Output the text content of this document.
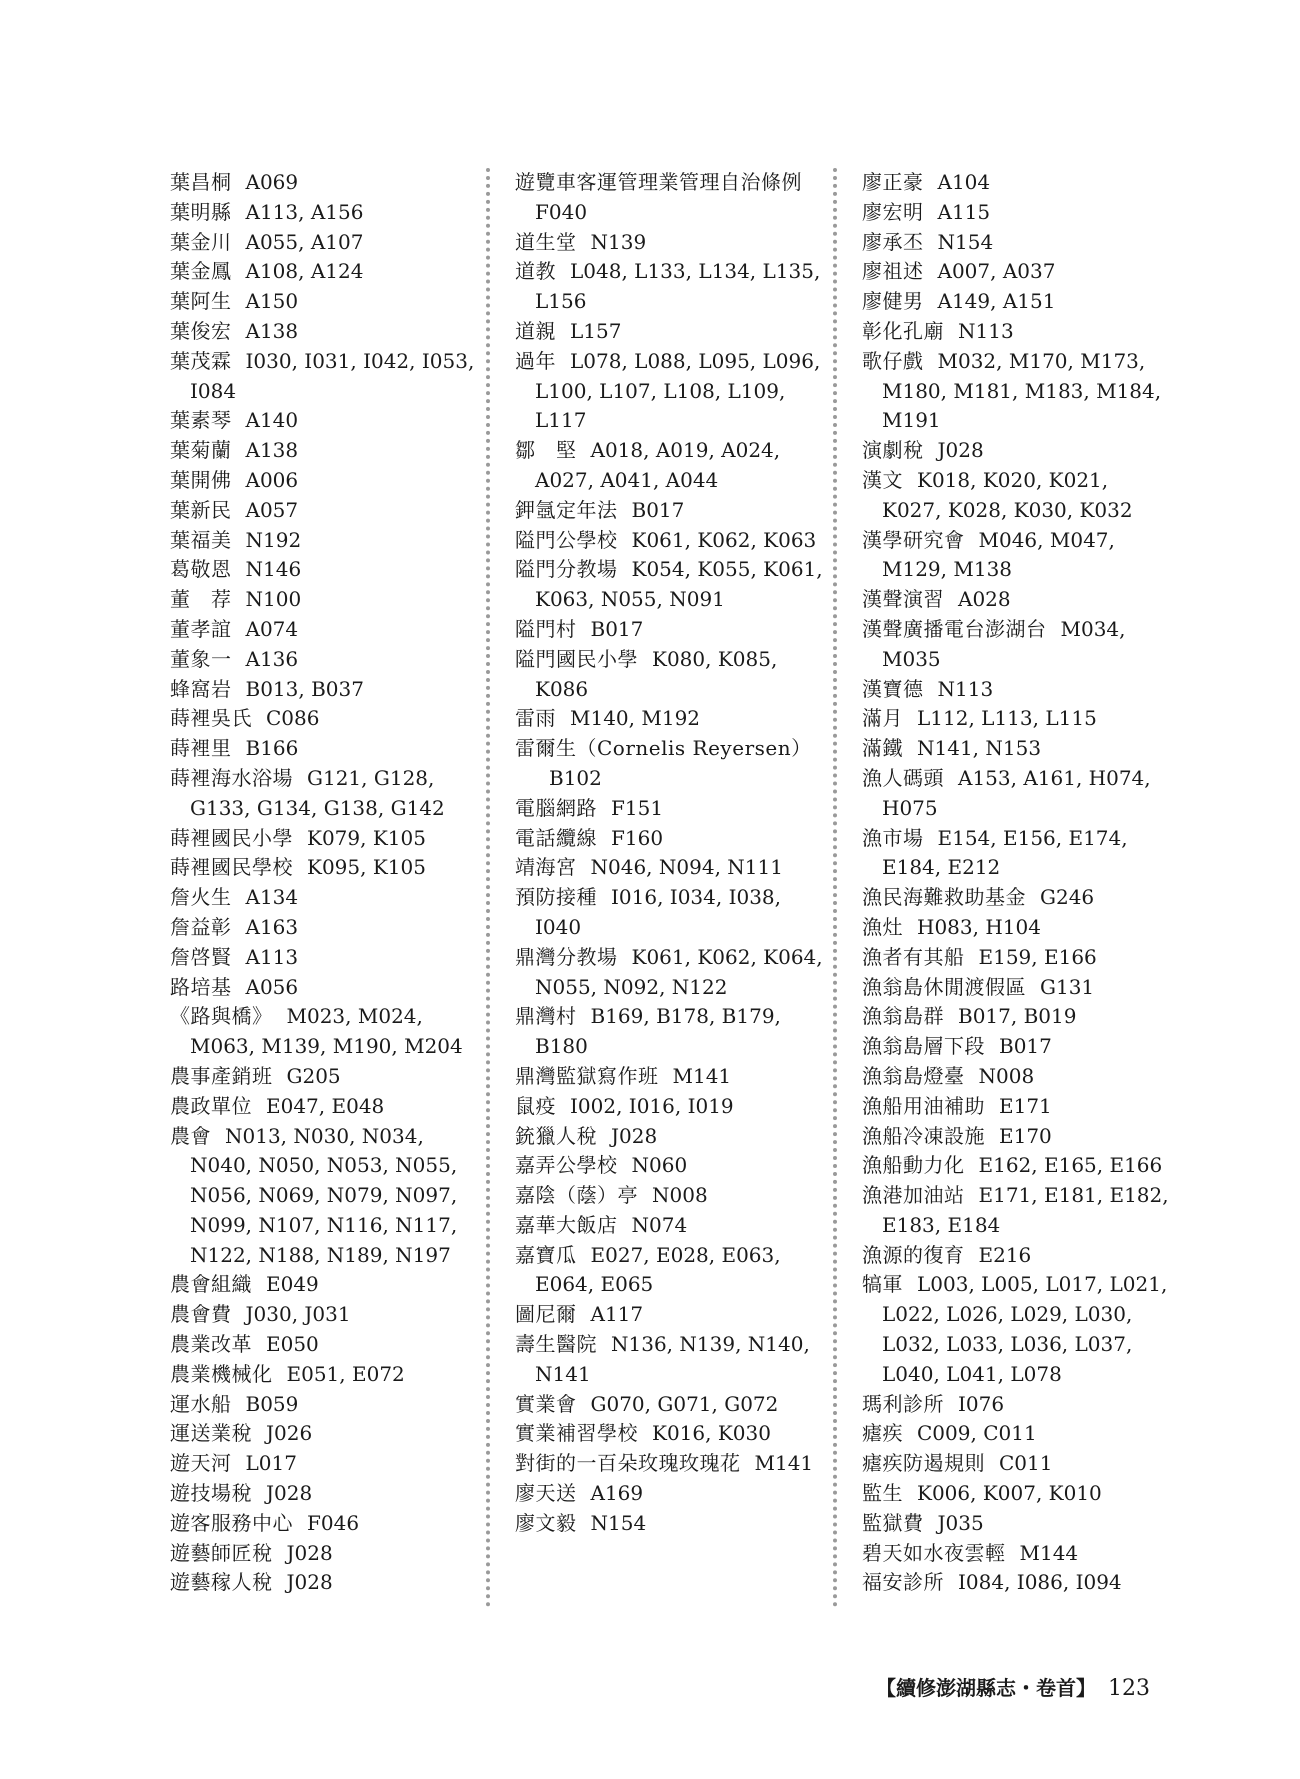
葉昌桐 A069
葉明縣 A113, A156
葉金川 A055, A107
葉金鳳 A108, A124
葉阿生 A150
葉俊宏 A138
葉茂霖 I030, I031, I042, I053, I084
葉素琴 A140
葉菊蘭 A138
葉開佛 A006
葉新民 A057
葉福美 N192
葛敬恩 N146
董　荐 N100
董孝誼 A074
董象一 A136
蜂窩岩 B013, B037
蒔裡吳氏 C086
蒔裡里 B166
蒔裡海水浴場 G121, G128, G133, G134, G138, G142
蒔裡國民小學 K079, K105
蒔裡國民學校 K095, K105
詹火生 A134
詹益彰 A163
詹啓賢 A113
路培基 A056
《路與橋》 M023, M024, M063, M139, M190, M204
農事產銷班 G205
農政單位 E047, E048
農會 N013, N030, N034, N040, N050, N053, N055, N056, N069, N079, N097, N099, N107, N116, N117, N122, N188, N189, N197
農會組織 E049
農會費 J030, J031
農業改革 E050
農業機械化 E051, E072
運水船 B059
運送業稅 J026
遊天河 L017
遊技場稅 J028
遊客服務中心 F046
遊藝師匠稅 J028
遊藝稼人稅 J028
遊覽車客運管理業管理自治條例F040
道生堂 N139
道教 L048, L133, L134, L135, L156
道親 L157
過年 L078, L088, L095, L096, L100, L107, L108, L109, L117
鄒　堅 A018, A019, A024, A027, A041, A044
鉀氬定年法 B017
隘門公學校 K061, K062, K063
隘門分教場 K054, K055, K061, K063, N055, N091
隘門村 B017
隘門國民小學 K080, K085, K086
雷雨 M140, M192
雷爾生（Cornelis Reyersen）B102
電腦網路 F151
電話纜線 F160
靖海宮 N046, N094, N111
預防接種 I016, I034, I038, I040
鼎灣分教場 K061, K062, K064, N055, N092, N122
鼎灣村 B169, B178, B179, B180
鼎灣監獄寫作班 M141
鼠疫 I002, I016, I019
銃獵人稅 J028
嘉弄公學校 N060
嘉陰（蔭）亭 N008
嘉華大飯店 N074
嘉寶瓜 E027, E028, E063, E064, E065
圖尼爾 A117
壽生醫院 N136, N139, N140, N141
實業會 G070, G071, G072
實業補習學校 K016, K030
對街的一百朵玫瑰玫瑰花 M141
廖天送 A169
廖文毅 N154
廖正豪 A104
廖宏明 A115
廖承丕 N154
廖祖述 A007, A037
廖健男 A149, A151
彰化孔廟 N113
歌仔戲 M032, M170, M173, M180, M181, M183, M184, M191
演劇稅 J028
漢文 K018, K020, K021, K027, K028, K030, K032
漢學研究會 M046, M047, M129, M138
漢聲演習 A028
漢聲廣播電台澎湖台 M034, M035
漢寶德 N113
滿月 L112, L113, L115
滿鐵 N141, N153
漁人碼頭 A153, A161, H074, H075
漁市場 E154, E156, E174, E184, E212
漁民海難救助基金 G246
漁灶 H083, H104
漁者有其船 E159, E166
漁翁島休閒渡假區 G131
漁翁島群 B017, B019
漁翁島層下段 B017
漁翁島燈臺 N008
漁船用油補助 E171
漁船冷凍設施 E170
漁船動力化 E162, E165, E166
漁港加油站 E171, E181, E182, E183, E184
漁源的復育 E216
犒軍 L003, L005, L017, L021, L022, L026, L029, L030, L032, L033, L036, L037, L040, L041, L078
瑪利診所 I076
瘧疾 C009, C011
瘧疾防遏規則 C011
監生 K006, K007, K010
監獄費 J035
碧天如水夜雲輕 M144
福安診所 I084, I086, I094
【續修澎湖縣志・卷首】 123
